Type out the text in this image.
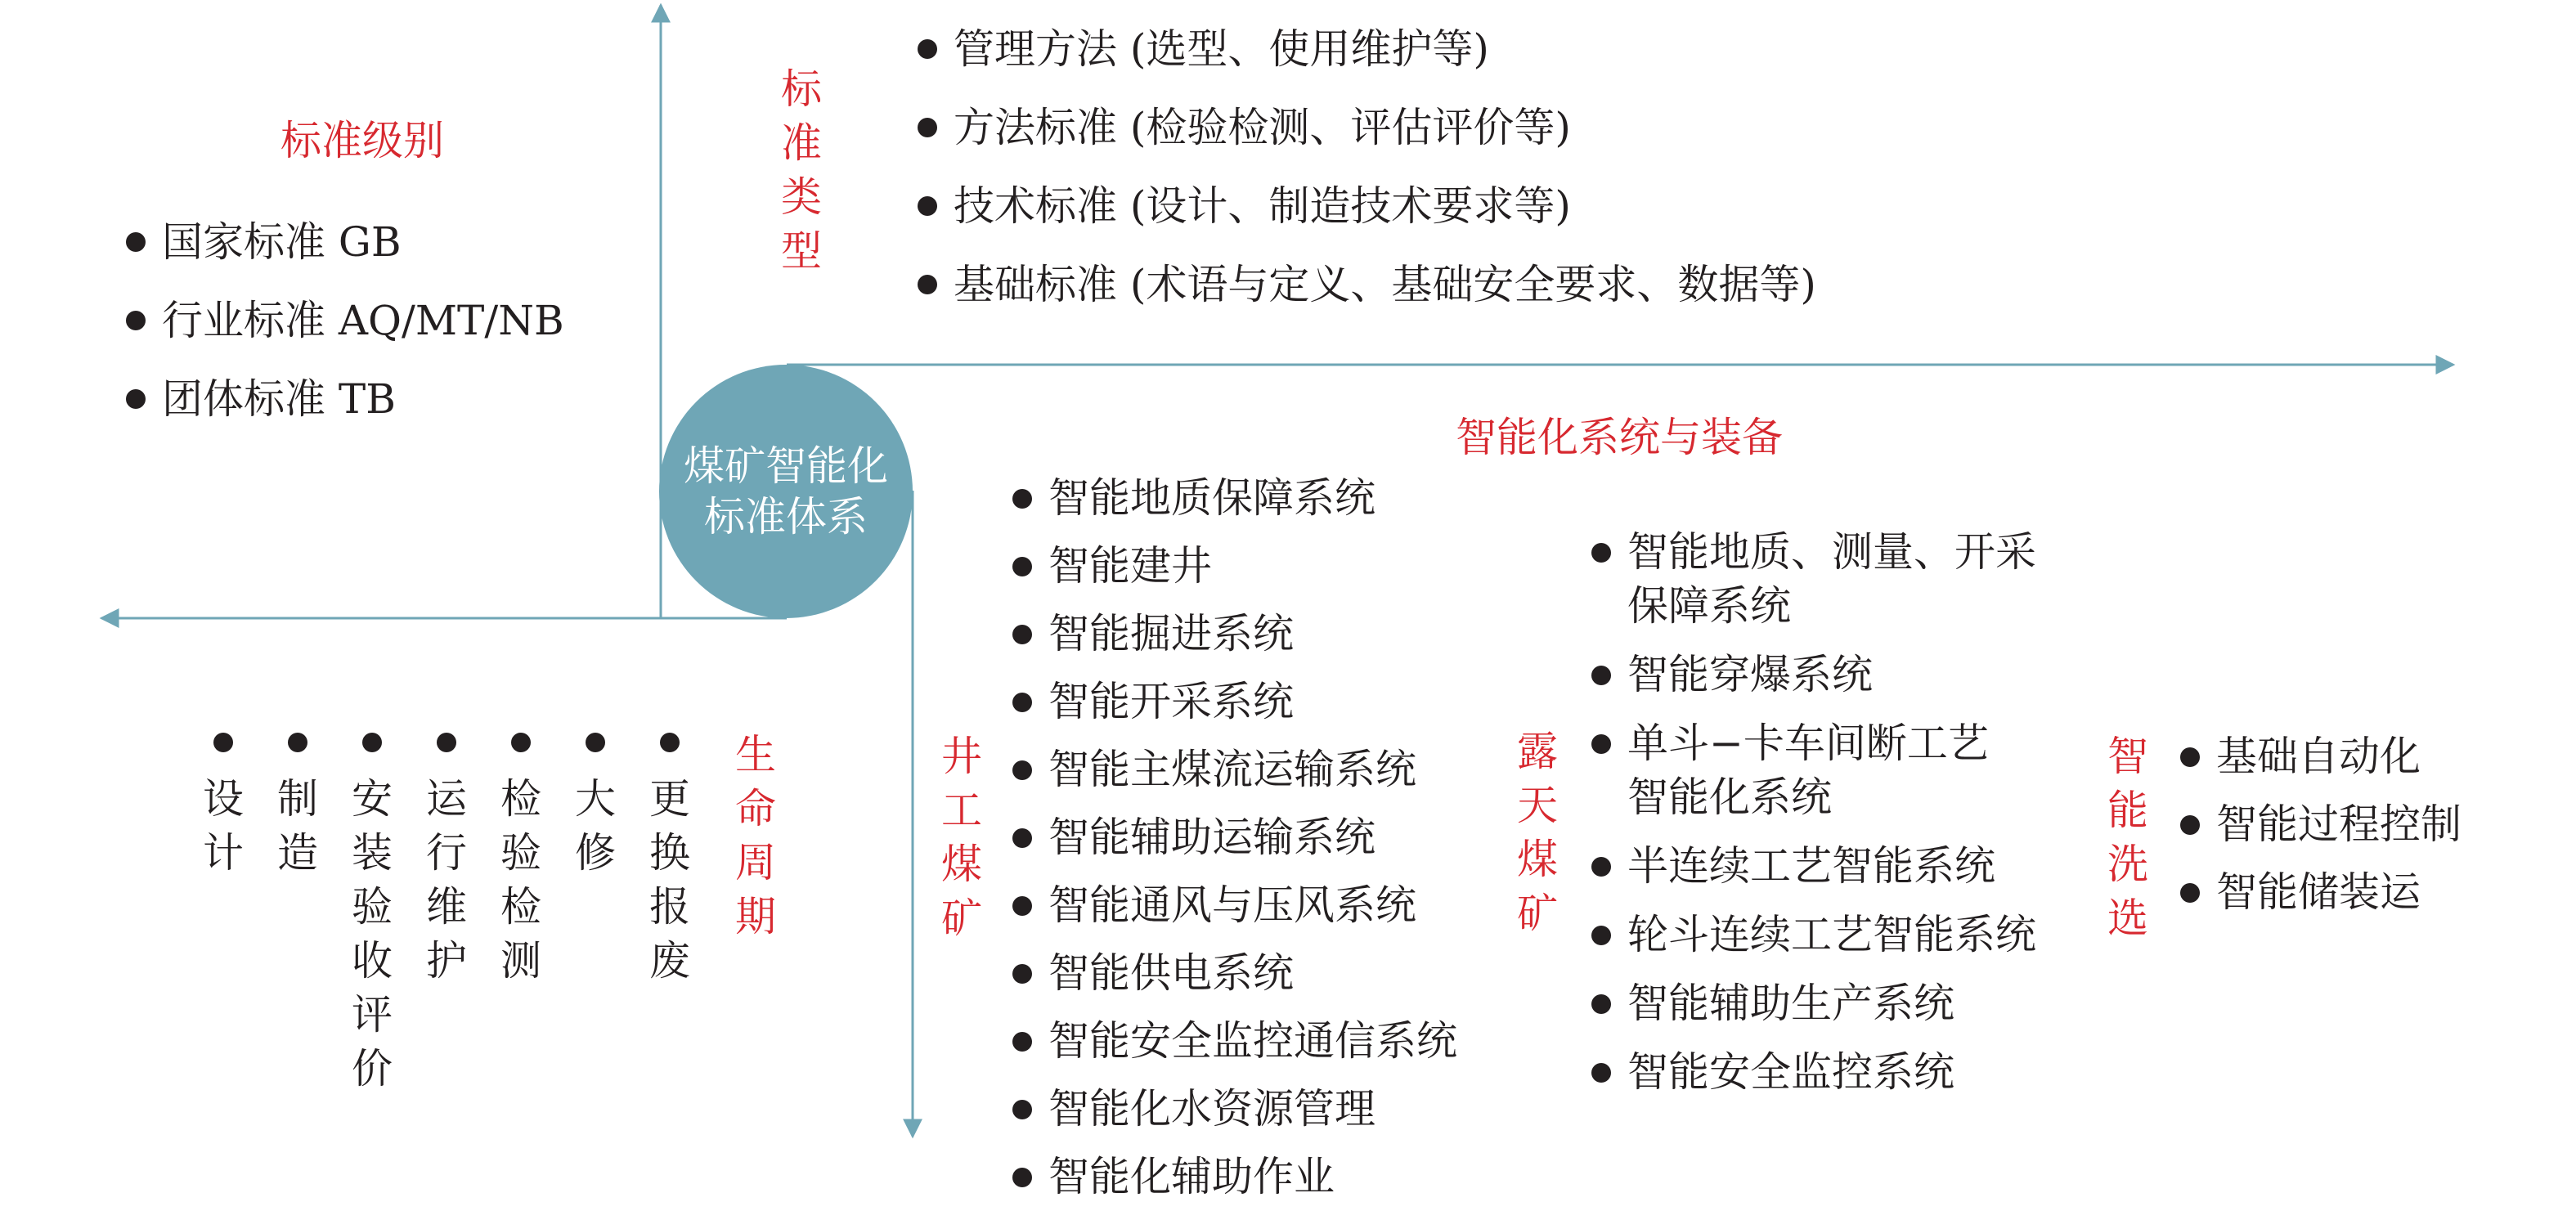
煤矿智能化
标准体系
标准级别
国家标准 GB
行业标准 AQ/MT/NB
团体标准 TB
标
准
类
型
管理方法 (选型、使用维护等)
方法标准 (检验检测、评估评价等)
技术标准 (设计、制造技术要求等)
基础标准 (术语与定义、基础安全要求、数据等)
设
计
制
造
安
装
验
收
评
价
运
行
维
护
检
验
检
测
大
修
更
换
报
废
生
命
周
期
智能化系统与装备
井
工
煤
矿
智能地质保障系统
智能建井
智能掘进系统
智能开采系统
智能主煤流运输系统
智能辅助运输系统
智能通风与压风系统
智能供电系统
智能安全监控通信系统
智能化水资源管理
智能化辅助作业
露
天
煤
矿
智能地质、测量、开采
保障系统
智能穿爆系统
单斗−卡车间断工艺
智能化系统
半连续工艺智能系统
轮斗连续工艺智能系统
智能辅助生产系统
智能安全监控系统
智
能
洗
选
基础自动化
智能过程控制
智能储装运
